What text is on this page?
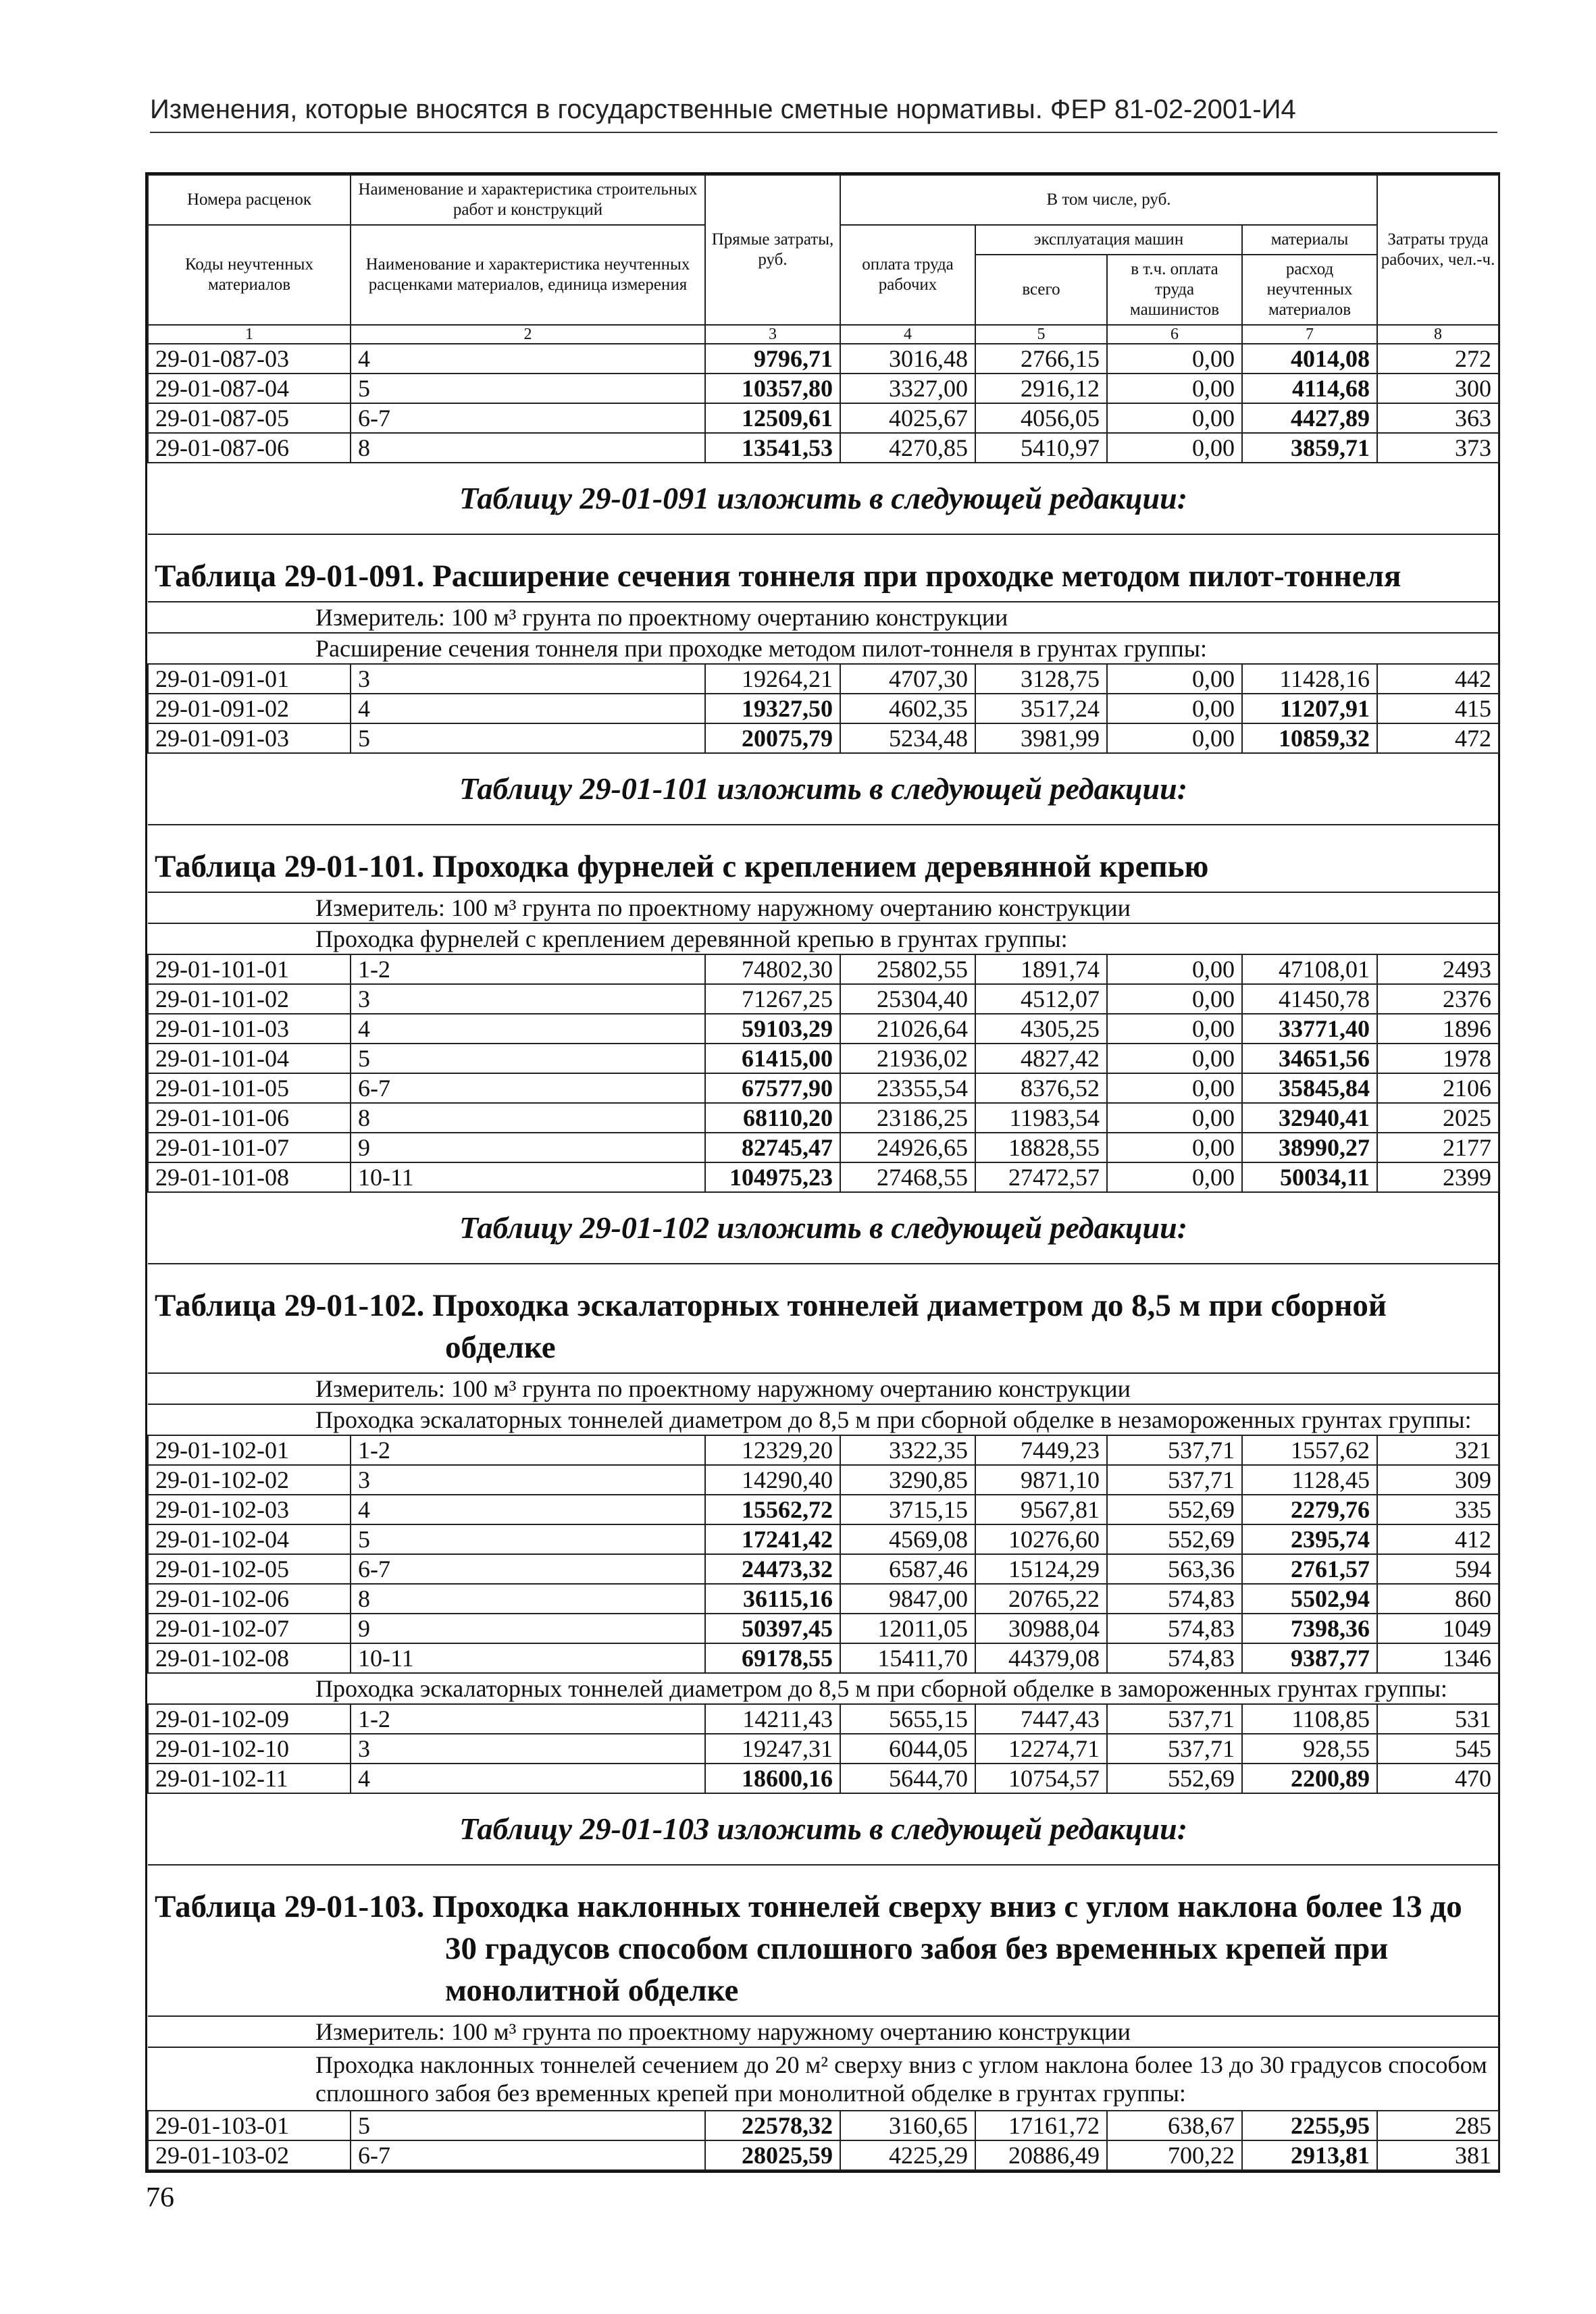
Изменения, которые вносятся в государственные сметные нормативы. ФЕР 81-02-2001-И4
Номера расценок	Наименование и характеристика строительных работ и конструкций	Прямые затраты, руб.	В том числе, руб.				Затраты труда рабочих, чел.-ч.
Коды неучтенных материалов	Наименование и характеристика неучтенных расценками материалов, единица измерения		оплата труда рабочих	эксплуатация машин		материалы	
				всего	в т.ч. оплата труда машинистов	расход неучтенных материалов	
1	2	3	4	5	6	7	8
29-01-087-03	4	9796,71	3016,48	2766,15	0,00	4014,08	272
29-01-087-04	5	10357,80	3327,00	2916,12	0,00	4114,68	300
29-01-087-05	6-7	12509,61	4025,67	4056,05	0,00	4427,89	363
29-01-087-06	8	13541,53	4270,85	5410,97	0,00	3859,71	373
Таблицу 29-01-091 изложить в следующей редакции:							
Таблица 29-01-091. Расширение сечения тоннеля при проходке методом пилот-тоннеля							
Измеритель: 100 м³ грунта по проектному очертанию конструкции							
Расширение сечения тоннеля при проходке методом пилот-тоннеля в грунтах группы:							
29-01-091-01	3	19264,21	4707,30	3128,75	0,00	11428,16	442
29-01-091-02	4	19327,50	4602,35	3517,24	0,00	11207,91	415
29-01-091-03	5	20075,79	5234,48	3981,99	0,00	10859,32	472
Таблицу 29-01-101 изложить в следующей редакции:							
Таблица 29-01-101. Проходка фурнелей с креплением деревянной крепью							
Измеритель: 100 м³ грунта по проектному наружному очертанию конструкции							
Проходка фурнелей с креплением деревянной крепью в грунтах группы:							
29-01-101-01	1-2	74802,30	25802,55	1891,74	0,00	47108,01	2493
29-01-101-02	3	71267,25	25304,40	4512,07	0,00	41450,78	2376
29-01-101-03	4	59103,29	21026,64	4305,25	0,00	33771,40	1896
29-01-101-04	5	61415,00	21936,02	4827,42	0,00	34651,56	1978
29-01-101-05	6-7	67577,90	23355,54	8376,52	0,00	35845,84	2106
29-01-101-06	8	68110,20	23186,25	11983,54	0,00	32940,41	2025
29-01-101-07	9	82745,47	24926,65	18828,55	0,00	38990,27	2177
29-01-101-08	10-11	104975,23	27468,55	27472,57	0,00	50034,11	2399
Таблицу 29-01-102 изложить в следующей редакции:							

Таблица 29-01-102. Проходка эскалаторных тоннелей диаметром до 8,5 м при сборной обделке							

Измеритель: 100 м³ грунта по проектному наружному очертанию конструкции							
Проходка эскалаторных тоннелей диаметром до 8,5 м при сборной обделке в незамороженных грунтах группы:							
29-01-102-01	1-2	12329,20	3322,35	7449,23	537,71	1557,62	321
29-01-102-02	3	14290,40	3290,85	9871,10	537,71	1128,45	309
29-01-102-03	4	15562,72	3715,15	9567,81	552,69	2279,76	335
29-01-102-04	5	17241,42	4569,08	10276,60	552,69	2395,74	412
29-01-102-05	6-7	24473,32	6587,46	15124,29	563,36	2761,57	594
29-01-102-06	8	36115,16	9847,00	20765,22	574,83	5502,94	860
29-01-102-07	9	50397,45	12011,05	30988,04	574,83	7398,36	1049
29-01-102-08	10-11	69178,55	15411,70	44379,08	574,83	9387,77	1346
Проходка эскалаторных тоннелей диаметром до 8,5 м при сборной обделке в замороженных грунтах группы:							
29-01-102-09	1-2	14211,43	5655,15	7447,43	537,71	1108,85	531
29-01-102-10	3	19247,31	6044,05	12274,71	537,71	928,55	545
29-01-102-11	4	18600,16	5644,70	10754,57	552,69	2200,89	470
Таблицу 29-01-103 изложить в следующей редакции:							

Таблица 29-01-103. Проходка наклонных тоннелей сверху вниз с углом наклона более 13 до 30 градусов способом сплошного забоя без временных крепей при монолитной обделке							

Измеритель: 100 м³ грунта по проектному наружному очертанию конструкции							
Проходка наклонных тоннелей сечением до 20 м² сверху вниз с углом наклона более 13 до 30 градусов способом сплошного забоя без временных крепей при монолитной обделке в грунтах группы:							
29-01-103-01	5	22578,32	3160,65	17161,72	638,67	2255,95	285
29-01-103-02	6-7	28025,59	4225,29	20886,49	700,22	2913,81	381
76
